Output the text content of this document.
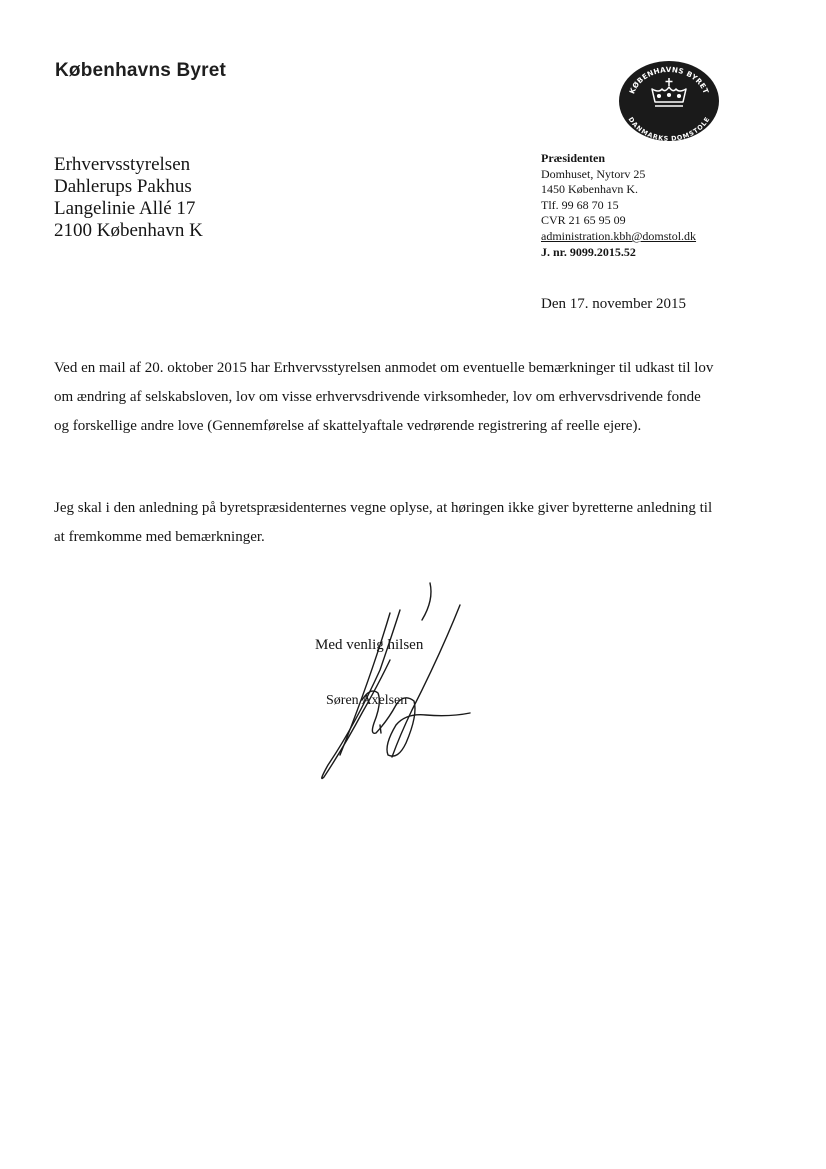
Københavns Byret
KØBENHAVNS BYRET
DANMARKS DOMSTOLE
Erhvervsstyrelsen
Dahlerups Pakhus
Langelinie Allé 17
2100 København K
Præsidenten
Domhuset, Nytorv 25
1450 København K.
Tlf. 99 68 70 15
CVR 21 65 95 09
administration.kbh@domstol.dk
J. nr. 9099.2015.52
Den 17. november 2015
Ved en mail af 20. oktober 2015 har Erhvervsstyrelsen anmodet om eventuelle bemærkninger til udkast til lov om ændring af selskabsloven, lov om visse erhvervsdrivende virksomheder, lov om erhvervsdrivende fonde og forskellige andre love (Gennemførelse af skattelyaftale vedrørende registrering af reelle ejere).
Jeg skal i den anledning på byretspræsidenternes vegne oplyse, at høringen ikke giver byretterne anledning til at fremkomme med bemærkninger.
Med venlig hilsen
Søren Axelsen
